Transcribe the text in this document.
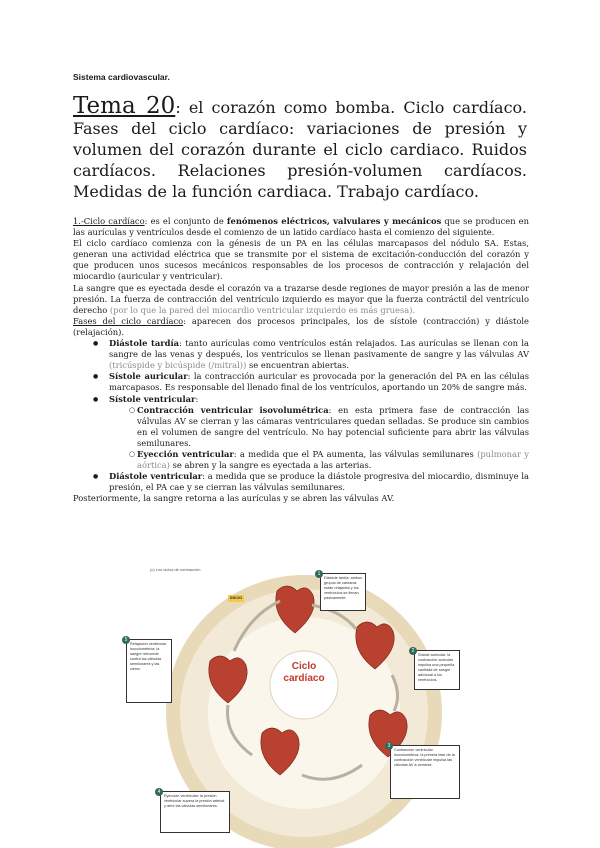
Sistema cardiovascular.
Tema 20: el corazón como bomba. Ciclo cardíaco. Fases del ciclo cardíaco: variaciones de presión y volumen del corazón durante el ciclo cardiaco. Ruidos cardíacos. Relaciones presión-volumen cardíacos. Medidas de la función cardiaca. Trabajo cardíaco.

1.-Ciclo cardíaco: es el conjunto de fenómenos eléctricos, valvulares y mecánicos que se producen en las aurículas y ventrículos desde el comienzo de un latido cardíaco hasta el comienzo del siguiente.

El ciclo cardíaco comienza con la génesis de un PA en las células marcapasos del nódulo SA. Estas, generan una actividad eléctrica que se transmite por el sistema de excitación-conducción del corazón y que producen unos sucesos mecánicos responsables de los procesos de contracción y relajación del miocardio (auricular y ventricular).

La sangre que es eyectada desde el corazón va a trazarse desde regiones de mayor presión a las de menor presión. La fuerza de contracción del ventrículo izquierdo es mayor que la fuerza contráctil del ventrículo derecho (por lo que la pared del miocardio ventricular izquierdo es más gruesa).

Fases del ciclo cardíaco: aparecen dos procesos principales, los de sístole (contracción) y diástole (relajación).

● Diástole tardía: tanto aurículas como ventrículos están relajados. Las aurículas se llenan con la sangre de las venas y después, los ventrículos se llenan pasivamente de sangre y las válvulas AV (tricúspide y bicúspide (/mitral)) se encuentran abiertas.
● Sístole auricular: la contracción auricular es provocada por la generación del PA en las células marcapasos. Es responsable del llenado final de los ventrículos, aportando un 20% de sangre más.
● Sístole ventricular:
○ Contracción ventricular isovolumétrica: en esta primera fase de contracción las válvulas AV se cierran y las cámaras ventriculares quedan selladas. Se produce sin cambios en el volumen de sangre del ventrículo. No hay potencial suficiente para abrir las válvulas semilunares.
○ Eyección ventricular: a medida que el PA aumenta, las válvulas semilunares (pulmonar y aórtica) se abren y la sangre es eyectada a las arterias.
● Diástole ventricular: a medida que se produce la diástole progresiva del miocardio, disminuye la presión, el PA cae y se cierran las válvulas semilunares.

Posteriormente, la sangre retorna a las aurículas y se abren las válvulas AV.

(c) Los ciclos de contracción
INICIO
Ciclo
cardíaco
Diástole tardía: ambos grupos de cámaras están relajados y los ventrículos se llenan pasivamente.
1
Sístole auricular: la contracción auricular impulsa una pequeña cantidad de sangre adicional a los ventrículos.
2
Contracción ventricular isovolumétrica: la primera fase de la contracción ventricular impulsa las válvulas AV a cerrarse.
3
Eyección ventricular: la presión ventricular supera la presión arterial y abre las válvulas semilunares.
4
Relajación ventricular isovolumétrica: la sangre retrocede contra las válvulas semilunares y las cierra.
5
